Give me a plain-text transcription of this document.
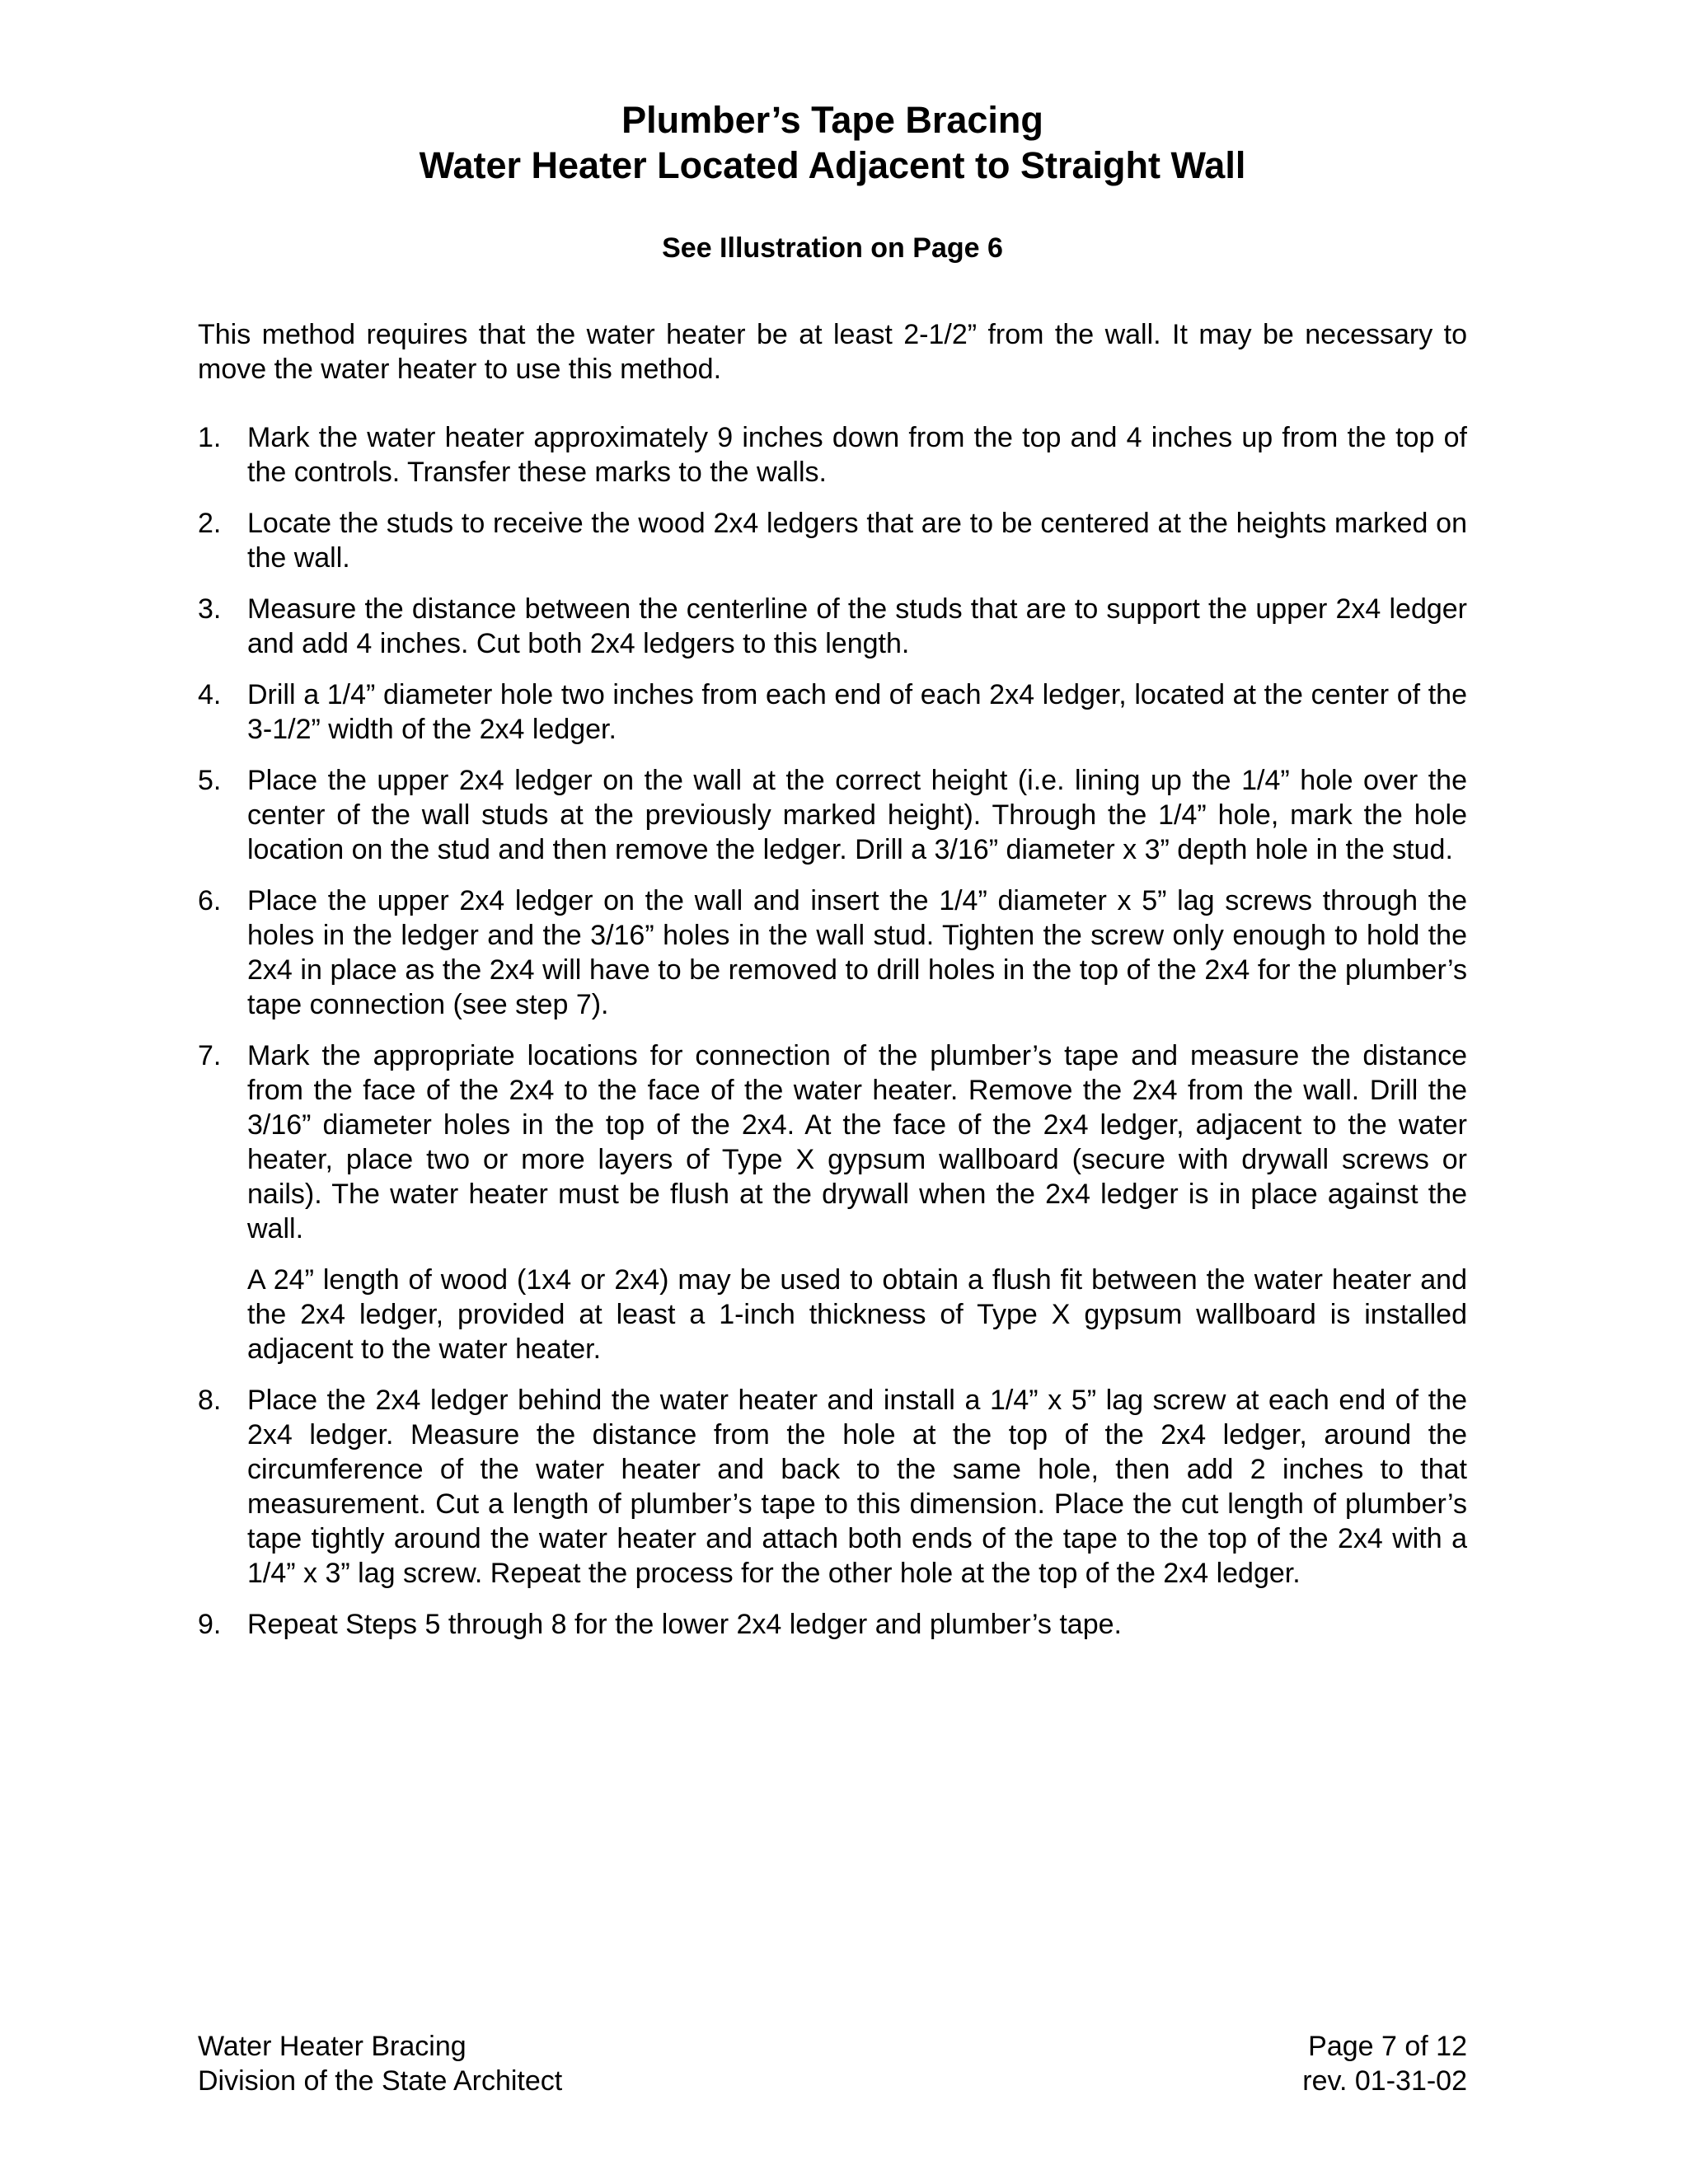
Plumber’s Tape Bracing
Water Heater Located Adjacent to Straight Wall
See Illustration on Page 6

This method requires that the water heater be at least 2-1/2” from the wall. It may be necessary to move the water heater to use this method.

1. Mark the water heater approximately 9 inches down from the top and 4 inches up from the top of the controls. Transfer these marks to the walls.

2. Locate the studs to receive the wood 2x4 ledgers that are to be centered at the heights marked on the wall.

3. Measure the distance between the centerline of the studs that are to support the upper 2x4 ledger and add 4 inches. Cut both 2x4 ledgers to this length.

4. Drill a 1/4” diameter hole two inches from each end of each 2x4 ledger, located at the center of the 3-1/2” width of the 2x4 ledger.

5. Place the upper 2x4 ledger on the wall at the correct height (i.e. lining up the 1/4” hole over the center of the wall studs at the previously marked height). Through the 1/4” hole, mark the hole location on the stud and then remove the ledger. Drill a 3/16” diameter x 3” depth hole in the stud.

6. Place the upper 2x4 ledger on the wall and insert the 1/4” diameter x 5” lag screws through the holes in the ledger and the 3/16” holes in the wall stud. Tighten the screw only enough to hold the 2x4 in place as the 2x4 will have to be removed to drill holes in the top of the 2x4 for the plumber’s tape connection (see step 7).

7. Mark the appropriate locations for connection of the plumber’s tape and measure the distance from the face of the 2x4 to the face of the water heater. Remove the 2x4 from the wall. Drill the 3/16” diameter holes in the top of the 2x4. At the face of the 2x4 ledger, adjacent to the water heater, place two or more layers of Type X gypsum wallboard (secure with drywall screws or nails). The water heater must be flush at the drywall when the 2x4 ledger is in place against the wall.

A 24” length of wood (1x4 or 2x4) may be used to obtain a flush fit between the water heater and the 2x4 ledger, provided at least a 1-inch thickness of Type X gypsum wallboard is installed adjacent to the water heater.

8. Place the 2x4 ledger behind the water heater and install a 1/4” x 5” lag screw at each end of the 2x4 ledger. Measure the distance from the hole at the top of the 2x4 ledger, around the circumference of the water heater and back to the same hole, then add 2 inches to that measurement. Cut a length of plumber’s tape to this dimension. Place the cut length of plumber’s tape tightly around the water heater and attach both ends of the tape to the top of the 2x4 with a 1/4” x 3” lag screw. Repeat the process for the other hole at the top of the 2x4 ledger.

9. Repeat Steps 5 through 8 for the lower 2x4 ledger and plumber’s tape.

Water Heater Bracing
Division of the State Architect
Page 7 of 12
rev. 01-31-02
